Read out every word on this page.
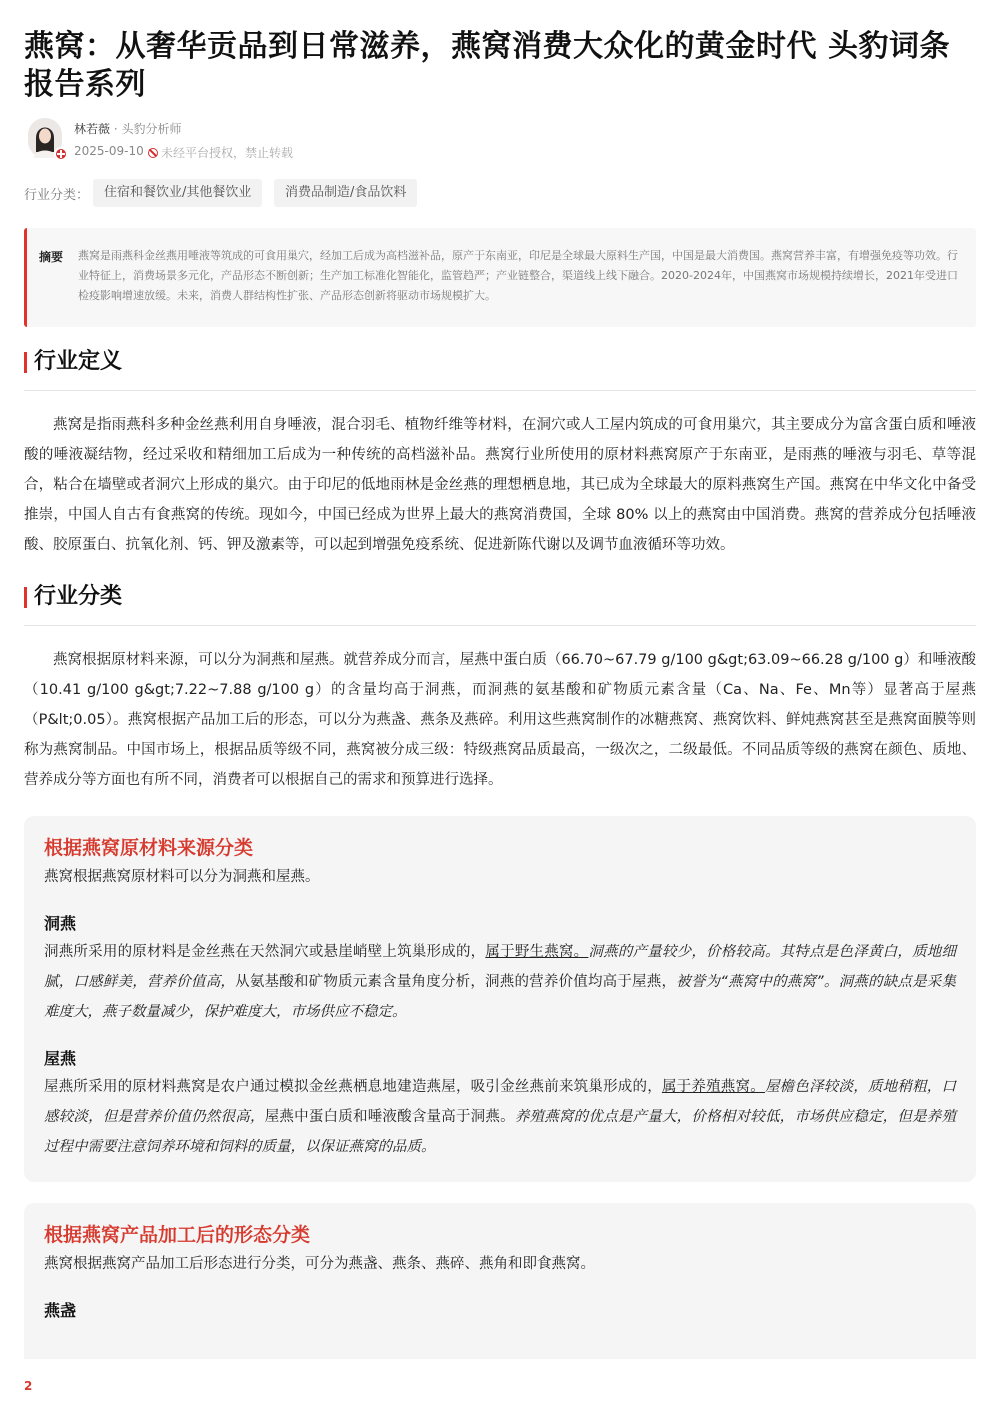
燕窝：从奢华贡品到日常滋养，燕窝消费大众化的黄金时代 头豹词条报告系列
林若薇 · 头豹分析师
2025-09-10	未经平台授权，禁止转载
行业分类：	住宿和餐饮业/其他餐饮业	消费品制造/食品饮料
摘要 燕窝是雨燕科金丝燕用唾液等筑成的可食用巢穴，经加工后成为高档滋补品，原产于东南亚，印尼是全球最大原料生产国，中国是最大消费国。燕窝营养丰富，有增强免疫等功效。行业特征上，消费场景多元化，产品形态不断创新；生产加工标准化智能化，监管趋严；产业链整合，渠道线上线下融合。2020-2024年，中国燕窝市场规模持续增长，2021年受进口检疫影响增速放缓。未来，消费人群结构性扩张、产品形态创新将驱动市场规模扩大。
行业定义
燕窝是指雨燕科多种金丝燕利用自身唾液，混合羽毛、植物纤维等材料，在洞穴或人工屋内筑成的可食用巢穴，其主要成分为富含蛋白质和唾液酸的唾液凝结物，经过采收和精细加工后成为一种传统的高档滋补品。燕窝行业所使用的原材料燕窝原产于东南亚，是雨燕的唾液与羽毛、草等混合，粘合在墙壁或者洞穴上形成的巢穴。由于印尼的低地雨林是金丝燕的理想栖息地，其已成为全球最大的原料燕窝生产国。燕窝在中华文化中备受推崇，中国人自古有食燕窝的传统。现如今，中国已经成为世界上最大的燕窝消费国，全球 80% 以上的燕窝由中国消费。燕窝的营养成分包括唾液酸、胶原蛋白、抗氧化剂、钙、钾及激素等，可以起到增强免疫系统、促进新陈代谢以及调节血液循环等功效。
行业分类
燕窝根据原材料来源，可以分为洞燕和屋燕。就营养成分而言，屋燕中蛋白质（66.70~67.79 g/100 g&gt;63.09~66.28 g/100 g）和唾液酸（10.41 g/100 g&gt;7.22~7.88 g/100 g）的含量均高于洞燕，而洞燕的氨基酸和矿物质元素含量（Ca、Na、Fe、Mn等）显著高于屋燕（P&lt;0.05）。燕窝根据产品加工后的形态，可以分为燕盏、燕条及燕碎。利用这些燕窝制作的冰糖燕窝、燕窝饮料、鲜炖燕窝甚至是燕窝面膜等则称为燕窝制品。中国市场上，根据品质等级不同，燕窝被分成三级：特级燕窝品质最高，一级次之，二级最低。不同品质等级的燕窝在颜色、质地、营养成分等方面也有所不同，消费者可以根据自己的需求和预算进行选择。
根据燕窝原材料来源分类
燕窝根据燕窝原材料可以分为洞燕和屋燕。
洞燕
洞燕所采用的原材料是金丝燕在天然洞穴或悬崖峭壁上筑巢形成的，属于野生燕窝。洞燕的产量较少，价格较高。其特点是色泽黄白，质地细腻，口感鲜美，营养价值高，从氨基酸和矿物质元素含量角度分析，洞燕的营养价值均高于屋燕，被誉为“燕窝中的燕窝”。洞燕的缺点是采集难度大，燕子数量减少，保护难度大，市场供应不稳定。
屋燕
屋燕所采用的原材料燕窝是农户通过模拟金丝燕栖息地建造燕屋，吸引金丝燕前来筑巢形成的，属于养殖燕窝。屋檐色泽较淡，质地稍粗，口感较淡，但是营养价值仍然很高，屋燕中蛋白质和唾液酸含量高于洞燕。养殖燕窝的优点是产量大，价格相对较低，市场供应稳定，但是养殖过程中需要注意饲养环境和饲料的质量，以保证燕窝的品质。
根据燕窝产品加工后的形态分类
燕窝根据燕窝产品加工后形态进行分类，可分为燕盏、燕条、燕碎、燕角和即食燕窝。
燕盏
2
